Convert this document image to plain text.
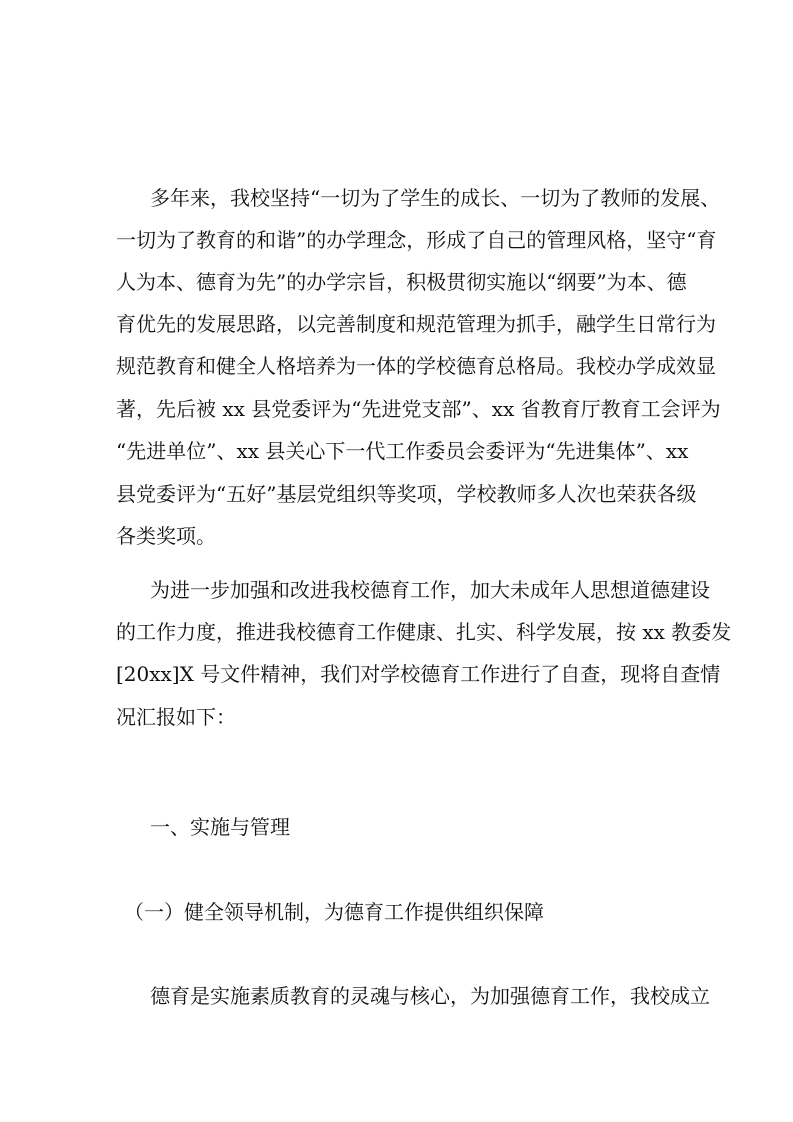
多年来，我校坚持“一切为了学生的成长、一切为了教师的发展、
一切为了教育的和谐”的办学理念，形成了自己的管理风格，坚守“育
人为本、德育为先”的办学宗旨，积极贯彻实施以“纲要”为本、德
育优先的发展思路，以完善制度和规范管理为抓手，融学生日常行为
规范教育和健全人格培养为一体的学校德育总格局。我校办学成效显
著，先后被 xx 县党委评为“先进党支部”、xx 省教育厅教育工会评为
“先进单位”、xx 县关心下一代工作委员会委评为“先进集体”、xx
县党委评为“五好”基层党组织等奖项，学校教师多人次也荣获各级
各类奖项。
为进一步加强和改进我校德育工作，加大未成年人思想道德建设
的工作力度，推进我校德育工作健康、扎实、科学发展，按 xx 教委发
[20xx]X 号文件精神，我们对学校德育工作进行了自查，现将自查情
况汇报如下：
一、实施与管理
（一）健全领导机制，为德育工作提供组织保障
德育是实施素质教育的灵魂与核心，为加强德育工作，我校成立
